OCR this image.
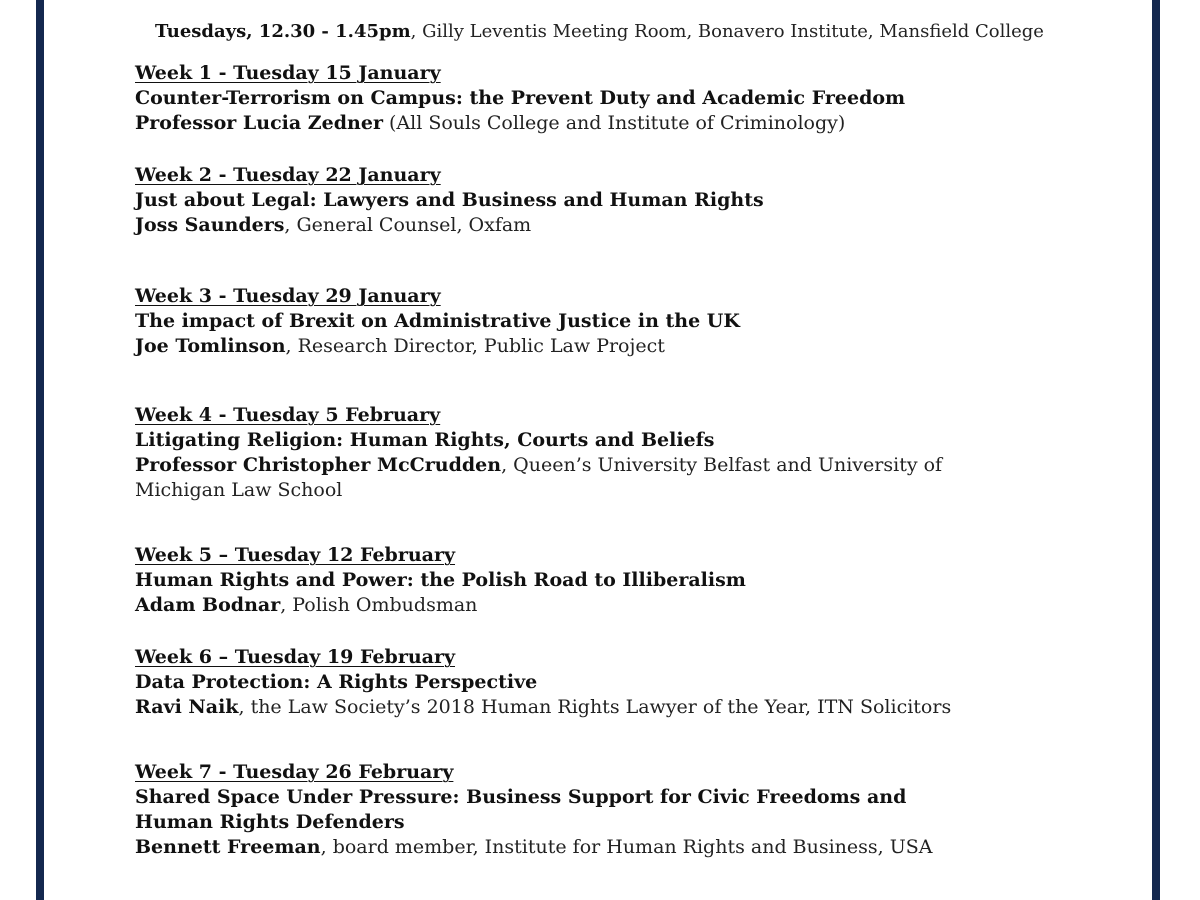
Tuesdays, 12.30 - 1.45pm, Gilly Leventis Meeting Room, Bonavero Institute, Mansfield College
Week 1 - Tuesday 15 January
Counter-Terrorism on Campus: the Prevent Duty and Academic Freedom
Professor Lucia Zedner (All Souls College and Institute of Criminology)
Week 2 - Tuesday 22 January
Just about Legal: Lawyers and Business and Human Rights
Joss Saunders, General Counsel, Oxfam
Week 3 - Tuesday 29 January
The impact of Brexit on Administrative Justice in the UK
Joe Tomlinson, Research Director, Public Law Project
Week 4 - Tuesday 5 February
Litigating Religion: Human Rights, Courts and Beliefs
Professor Christopher McCrudden, Queen’s University Belfast and University of
Michigan Law School
Week 5 – Tuesday 12 February
Human Rights and Power: the Polish Road to Illiberalism
Adam Bodnar, Polish Ombudsman
Week 6 – Tuesday 19 February
Data Protection: A Rights Perspective
Ravi Naik, the Law Society’s 2018 Human Rights Lawyer of the Year, ITN Solicitors
Week 7 - Tuesday 26 February
Shared Space Under Pressure: Business Support for Civic Freedoms and
Human Rights Defenders
Bennett Freeman, board member, Institute for Human Rights and Business, USA
